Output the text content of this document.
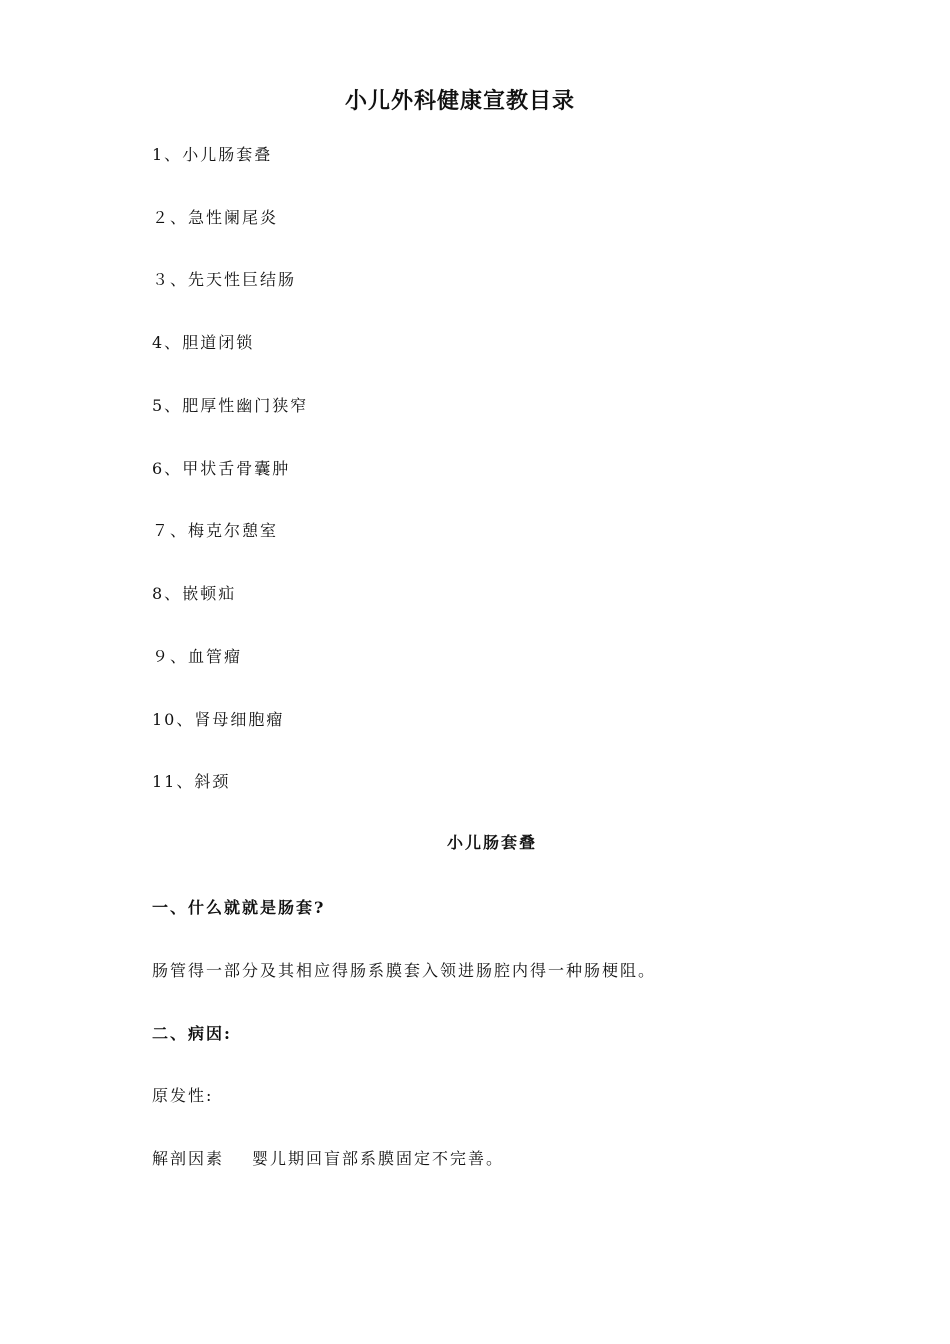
小儿外科健康宣教目录
1、小儿肠套叠
２、急性阑尾炎
３、先天性巨结肠
4、胆道闭锁
5、肥厚性幽门狭窄
6、甲状舌骨囊肿
７、梅克尔憩室
8、嵌顿疝
９、血管瘤
10、肾母细胞瘤
11、斜颈
小儿肠套叠
一、什么就就是肠套?
肠管得一部分及其相应得肠系膜套入领进肠腔内得一种肠梗阻。
二、病因:
原发性:
解剖因素 婴儿期回盲部系膜固定不完善。
